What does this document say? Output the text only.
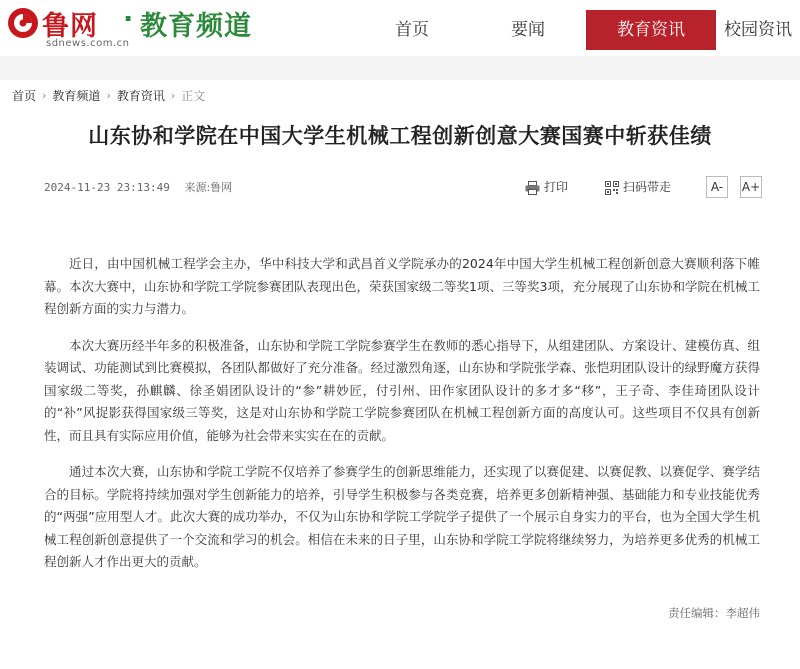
鲁网 · 教育频道
sdnews.com.cn
首页	要闻	教育资讯	校园资讯
首页 › 教育频道 › 教育资讯 › 正文
山东协和学院在中国大学生机械工程创新创意大赛国赛中斩获佳绩
2024-11-23 23:13:49 来源:鲁网	打印	扫码带走	A-	A+

近日，由中国机械工程学会主办，华中科技大学和武昌首义学院承办的2024年中国大学生机械工程创新创意大赛顺利落下帷幕。本次大赛中，山东协和学院工学院参赛团队表现出色，荣获国家级二等奖1项、三等奖3项，充分展现了山东协和学院在机械工程创新方面的实力与潜力。

本次大赛历经半年多的积极准备，山东协和学院工学院参赛学生在教师的悉心指导下，从组建团队、方案设计、建模仿真、组装调试、功能测试到比赛模拟，各团队都做好了充分准备。经过激烈角逐，山东协和学院张学森、张恺玥团队设计的绿野魔方获得国家级二等奖，孙麒麟、徐圣娟团队设计的“参”耕妙匠，付引州、田作家团队设计的多才多“移”，王子奇、李佳琦团队设计的“补”风捉影获得国家级三等奖，这是对山东协和学院工学院参赛团队在机械工程创新方面的高度认可。这些项目不仅具有创新性，而且具有实际应用价值，能够为社会带来实实在在的贡献。

通过本次大赛，山东协和学院工学院不仅培养了参赛学生的创新思维能力，还实现了以赛促建、以赛促教、以赛促学、赛学结合的目标。学院将持续加强对学生创新能力的培养，引导学生积极参与各类竞赛，培养更多创新精神强、基础能力和专业技能优秀的“两强”应用型人才。此次大赛的成功举办，不仅为山东协和学院工学院学子提供了一个展示自身实力的平台，也为全国大学生机械工程创新创意提供了一个交流和学习的机会。相信在未来的日子里，山东协和学院工学院将继续努力，为培养更多优秀的机械工程创新人才作出更大的贡献。

责任编辑：李超伟
